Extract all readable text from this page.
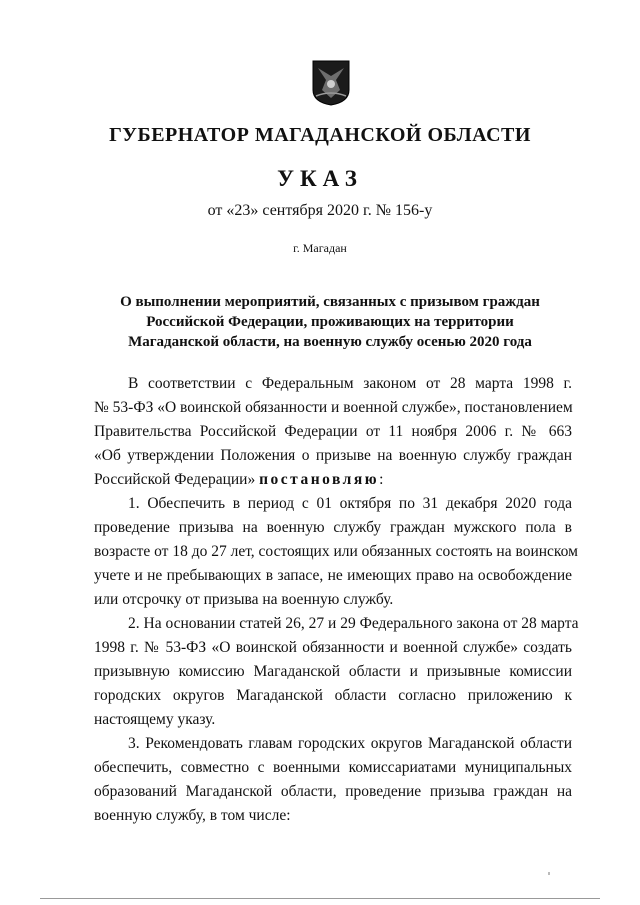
ГУБЕРНАТОР МАГАДАНСКОЙ ОБЛАСТИ
УКАЗ
от «23» сентября 2020 г. № 156-у
г. Магадан
О выполнении мероприятий, связанных с призывом граждан
Российской Федерации, проживающих на территории
Магаданской области, на военную службу осенью 2020 года
В соответствии с Федеральным законом от 28 марта 1998 г.
№ 53-ФЗ «О воинской обязанности и военной службе», постановлением
Правительства Российской Федерации от 11 ноября 2006 г. № 663
«Об утверждении Положения о призыве на военную службу граждан
Российской Федерации» постановляю:
1. Обеспечить в период с 01 октября по 31 декабря 2020 года
проведение призыва на военную службу граждан мужского пола в
возрасте от 18 до 27 лет, состоящих или обязанных состоять на воинском
учете и не пребывающих в запасе, не имеющих право на освобождение
или отсрочку от призыва на военную службу.
2. На основании статей 26, 27 и 29 Федерального закона от 28 марта
1998 г. № 53-ФЗ «О воинской обязанности и военной службе» создать
призывную комиссию Магаданской области и призывные комиссии
городских округов Магаданской области согласно приложению к
настоящему указу.
3. Рекомендовать главам городских округов Магаданской области
обеспечить, совместно с военными комиссариатами муниципальных
образований Магаданской области, проведение призыва граждан на
военную службу, в том числе:
